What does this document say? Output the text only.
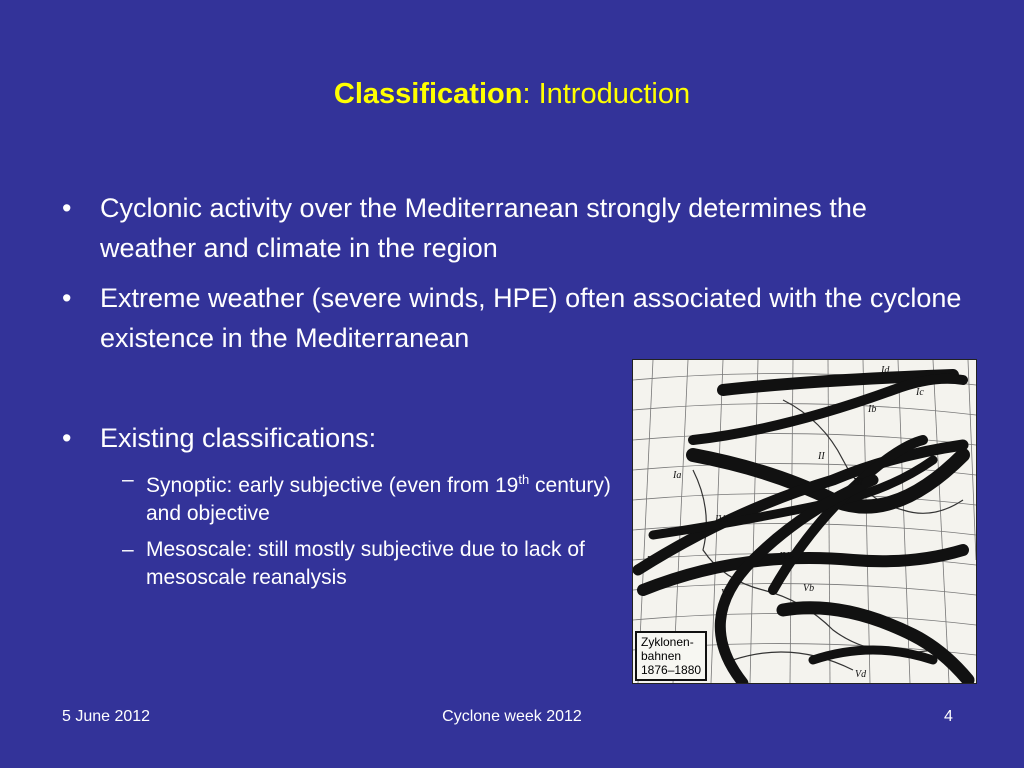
Classification: Introduction
• Cyclonic activity over the Mediterranean strongly determines the weather and climate in the region
• Extreme weather (severe winds, HPE) often associated with the cyclone existence in the Mediterranean
• Existing classifications:
– Synoptic: early subjective (even from 19th century) and objective
– Mesoscale: still mostly subjective due to lack of mesoscale reanalysis
Id
Ic
Ib
Ia
II
III
IVa
IVb
V
Va	Vb
Vd
Zyklonen-
bahnen
1876–1880
5 June 2012	Cyclone week 2012	4
